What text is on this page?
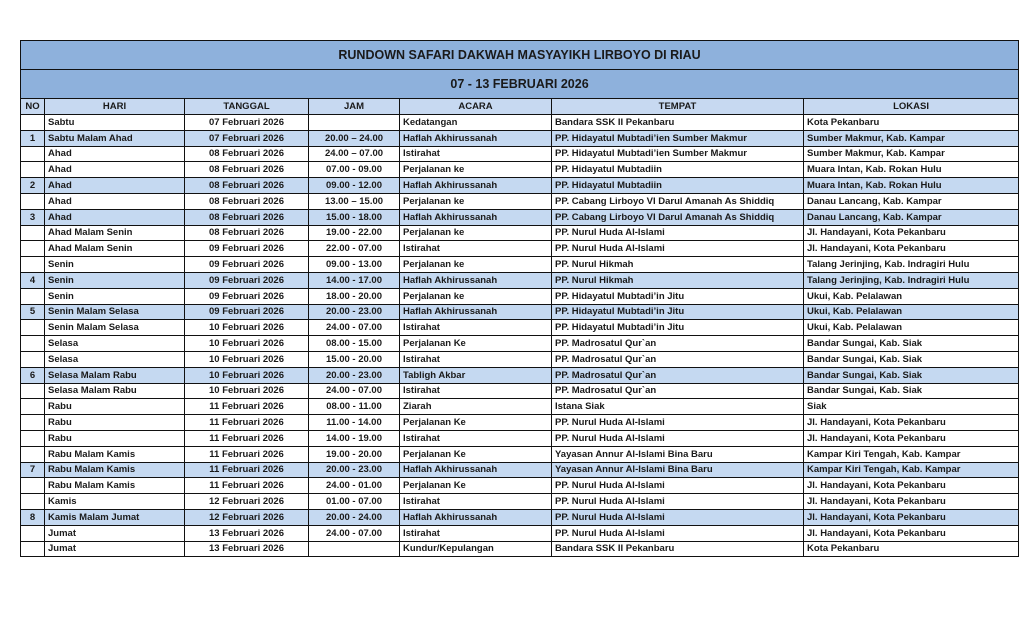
RUNDOWN SAFARI DAKWAH MASYAYIKH LIRBOYO DI RIAU						
07 - 13 FEBRUARI 2026						
NO	HARI	TANGGAL	JAM	ACARA	TEMPAT	LOKASI
	Sabtu	07 Februari 2026		Kedatangan	Bandara SSK II Pekanbaru	Kota Pekanbaru
1	Sabtu Malam Ahad	07 Februari 2026	20.00 – 24.00	Haflah Akhirussanah	PP. Hidayatul Mubtadi’ien Sumber Makmur	Sumber Makmur, Kab. Kampar
	Ahad	08 Februari 2026	24.00 – 07.00	Istirahat	PP. Hidayatul Mubtadi’ien Sumber Makmur	Sumber Makmur, Kab. Kampar
	Ahad	08 Februari 2026	07.00 - 09.00	Perjalanan ke	PP. Hidayatul Mubtadiin	Muara Intan, Kab. Rokan Hulu
2	Ahad	08 Februari 2026	09.00 - 12.00	Haflah Akhirussanah	PP. Hidayatul Mubtadiin	Muara Intan, Kab. Rokan Hulu
	Ahad	08 Februari 2026	13.00 – 15.00	Perjalanan ke	PP. Cabang Lirboyo VI Darul Amanah As Shiddiq	Danau Lancang, Kab. Kampar
3	Ahad	08 Februari 2026	15.00 - 18.00	Haflah Akhirussanah	PP. Cabang Lirboyo VI Darul Amanah As Shiddiq	Danau Lancang, Kab. Kampar
	Ahad Malam Senin	08 Februari 2026	19.00 - 22.00	Perjalanan ke	PP. Nurul Huda Al-Islami	Jl. Handayani, Kota Pekanbaru
	Ahad Malam Senin	09 Februari 2026	22.00 - 07.00	Istirahat	PP. Nurul Huda Al-Islami	Jl. Handayani, Kota Pekanbaru
	Senin	09 Februari 2026	09.00 - 13.00	Perjalanan ke	PP. Nurul Hikmah	Talang Jerinjing, Kab. Indragiri Hulu
4	Senin	09 Februari 2026	14.00 - 17.00	Haflah Akhirussanah	PP. Nurul Hikmah	Talang Jerinjing, Kab. Indragiri Hulu
	Senin	09 Februari 2026	18.00 - 20.00	Perjalanan ke	PP. Hidayatul Mubtadi’in Jitu	Ukui, Kab. Pelalawan
5	Senin Malam Selasa	09 Februari 2026	20.00 - 23.00	Haflah Akhirussanah	PP. Hidayatul Mubtadi’in Jitu	Ukui, Kab. Pelalawan
	Senin Malam Selasa	10 Februari 2026	24.00 - 07.00	Istirahat	PP. Hidayatul Mubtadi’in Jitu	Ukui, Kab. Pelalawan
	Selasa	10 Februari 2026	08.00 - 15.00	Perjalanan Ke	PP. Madrosatul Qur`an	Bandar Sungai, Kab. Siak
	Selasa	10 Februari 2026	15.00 - 20.00	Istirahat	PP. Madrosatul Qur`an	Bandar Sungai, Kab. Siak
6	Selasa Malam Rabu	10 Februari 2026	20.00 - 23.00	Tabligh Akbar	PP. Madrosatul Qur`an	Bandar Sungai, Kab. Siak
	Selasa Malam Rabu	10 Februari 2026	24.00 - 07.00	Istirahat	PP. Madrosatul Qur`an	Bandar Sungai, Kab. Siak
	Rabu	11 Februari 2026	08.00 - 11.00	Ziarah	Istana Siak	Siak
	Rabu	11 Februari 2026	11.00 - 14.00	Perjalanan Ke	PP. Nurul Huda Al-Islami	Jl. Handayani, Kota Pekanbaru
	Rabu	11 Februari 2026	14.00 - 19.00	Istirahat	PP. Nurul Huda Al-Islami	Jl. Handayani, Kota Pekanbaru
	Rabu Malam Kamis	11 Februari 2026	19.00 - 20.00	Perjalanan Ke	Yayasan Annur Al-Islami Bina Baru	Kampar Kiri Tengah, Kab. Kampar
7	Rabu Malam Kamis	11 Februari 2026	20.00 - 23.00	Haflah Akhirussanah	Yayasan Annur Al-Islami Bina Baru	Kampar Kiri Tengah, Kab. Kampar
	Rabu Malam Kamis	11 Februari 2026	24.00 - 01.00	Perjalanan Ke	PP. Nurul Huda Al-Islami	Jl. Handayani, Kota Pekanbaru
	Kamis	12 Februari 2026	01.00 - 07.00	Istirahat	PP. Nurul Huda Al-Islami	Jl. Handayani, Kota Pekanbaru
8	Kamis Malam Jumat	12 Februari 2026	20.00 - 24.00	Haflah Akhirussanah	PP. Nurul Huda Al-Islami	Jl. Handayani, Kota Pekanbaru
	Jumat	13 Februari 2026	24.00 - 07.00	Istirahat	PP. Nurul Huda Al-Islami	Jl. Handayani, Kota Pekanbaru
	Jumat	13 Februari 2026		Kundur/Kepulangan	Bandara SSK II Pekanbaru	Kota Pekanbaru
